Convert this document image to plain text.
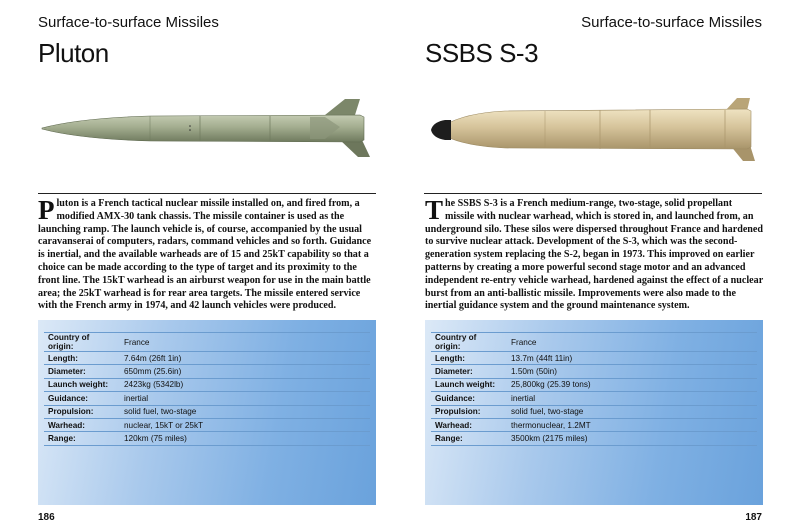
Surface-to-surface Missiles
Pluton
Pluton is a French tactical nuclear missile installed on, and fired from, a modified AMX-30 tank chassis. The missile container is used as the launching ramp. The launch vehicle is, of course, accompanied by the usual caravanserai of computers, radars, command vehicles and so forth. Guidance is inertial, and the available warheads are of 15 and 25kT capability so that a choice can be made according to the type of target and its proximity to the front line. The 15kT warhead is an airburst weapon for use in the main battle area; the 25kT warhead is for rear area targets. The missile entered service with the French army in 1974, and 42 launch vehicles were produced.
Country of origin:	France
Length:	7.64m (26ft 1in)
Diameter:	650mm (25.6in)
Launch weight:	2423kg (5342lb)
Guidance:	inertial
Propulsion:	solid fuel, two-stage
Warhead:	nuclear, 15kT or 25kT
Range:	120km (75 miles)
186
Surface-to-surface Missiles
SSBS S-3
The SSBS S-3 is a French medium-range, two-stage, solid propellant missile with nuclear warhead, which is stored in, and launched from, an underground silo. These silos were dispersed throughout France and hardened to survive nuclear attack. Development of the S-3, which was the second-generation system replacing the S-2, began in 1973. This improved on earlier patterns by creating a more powerful second stage motor and an advanced independent re-entry vehicle warhead, hardened against the effect of a nuclear burst from an anti-ballistic missile. Improvements were also made to the inertial guidance system and the ground maintenance system.
Country of origin:	France
Length:	13.7m (44ft 11in)
Diameter:	1.50m (50in)
Launch weight:	25,800kg (25.39 tons)
Guidance:	inertial
Propulsion:	solid fuel, two-stage
Warhead:	thermonuclear, 1.2MT
Range:	3500km (2175 miles)
187
